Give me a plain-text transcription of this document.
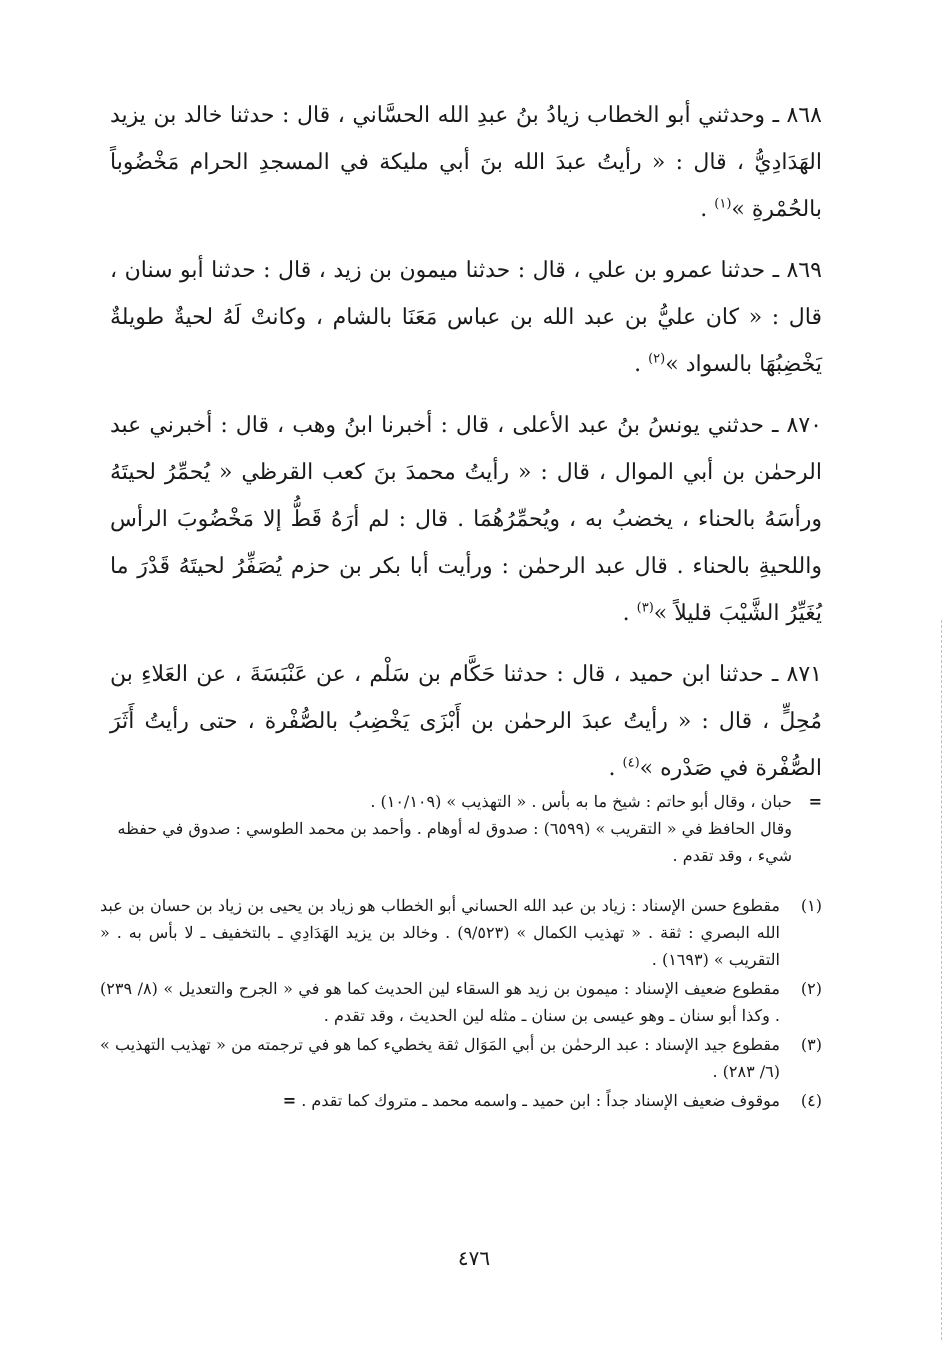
٨٦٨ ـ وحدثني أبو الخطاب زيادُ بنُ عبدِ الله الحسَّاني ، قال : حدثنا خالد بن يزيد الهَدَادِيُّ ، قال : « رأيتُ عبدَ الله بنَ أبي مليكة في المسجدِ الحرام مَخْضُوباً بالحُمْرةِ »$^{(١)}$ .

٨٦٩ ـ حدثنا عمرو بن علي ، قال : حدثنا ميمون بن زيد ، قال : حدثنا أبو سنان ، قال : « كان عليُّ بن عبد الله بن عباس مَعَنَا بالشام ، وكانتْ لَهُ لحيةٌ طويلةٌ يَخْضِبُهَا بالسواد »$^{(٢)}$ .

٨٧٠ ـ حدثني يونسُ بنُ عبد الأعلى ، قال : أخبرنا ابنُ وهب ، قال : أخبرني عبد الرحمٰن بن أبي الموال ، قال : « رأيتُ محمدَ بنَ كعب القرظي « يُحمِّرُ لحيتَهُ ورأسَهُ بالحناء ، يخضبُ به ، ويُحمِّرُهُمَا . قال : لم أرَهُ قَطُّ إلا مَخْضُوبَ الرأس واللحيةِ بالحناء . قال عبد الرحمٰن : ورأيت أبا بكر بن حزم يُصَفِّرُ لحيتَهُ قَدْرَ ما يُغَيِّرُ الشَّيْبَ قليلاً »$^{(٣)}$ .

٨٧١ ـ حدثنا ابن حميد ، قال : حدثنا حَكَّام بن سَلْم ، عن عَنْبَسَةَ ، عن العَلاءِ بن مُحِلٍّ ، قال : « رأيتُ عبدَ الرحمٰن بن أَبْزَى يَخْضِبُ بالصُّفْرة ، حتى رأيتُ أَثَرَ الصُّفْرة في صَدْره »$^{(٤)}$ .

=

حبان ، وقال أبو حاتم : شيخ ما به بأس . « التهذيب » (١٠/١٠٩) .

وقال الحافظ في « التقريب » (٦٥٩٩) : صدوق له أوهام . وأحمد بن محمد الطوسي : صدوق في حفظه شيء ، وقد تقدم .

(١)

مقطوع حسن الإسناد : زياد بن عبد الله الحساني أبو الخطاب هو زياد بن يحيى بن زياد بن حسان بن عبد الله البصري : ثقة . « تهذيب الكمال » (٩/٥٢٣) . وخالد بن يزيد الهَدَادِي ـ بالتخفيف ـ لا بأس به . « التقريب » (١٦٩٣) .

(٢)

مقطوع ضعيف الإسناد : ميمون بن زيد هو السقاء لين الحديث كما هو في « الجرح والتعديل » (٨/ ٢٣٩) . وكذا أبو سنان ـ وهو عيسى بن سنان ـ مثله لين الحديث ، وقد تقدم .

(٣)

مقطوع جيد الإسناد : عبد الرحمٰن بن أبي المَوَال ثقة يخطيء كما هو في ترجمته من « تهذيب التهذيب » (٦/ ٢٨٣) .

(٤)

موقوف ضعيف الإسناد جداً : ابن حميد ـ واسمه محمد ـ متروك كما تقدم . =

٤٧٦
